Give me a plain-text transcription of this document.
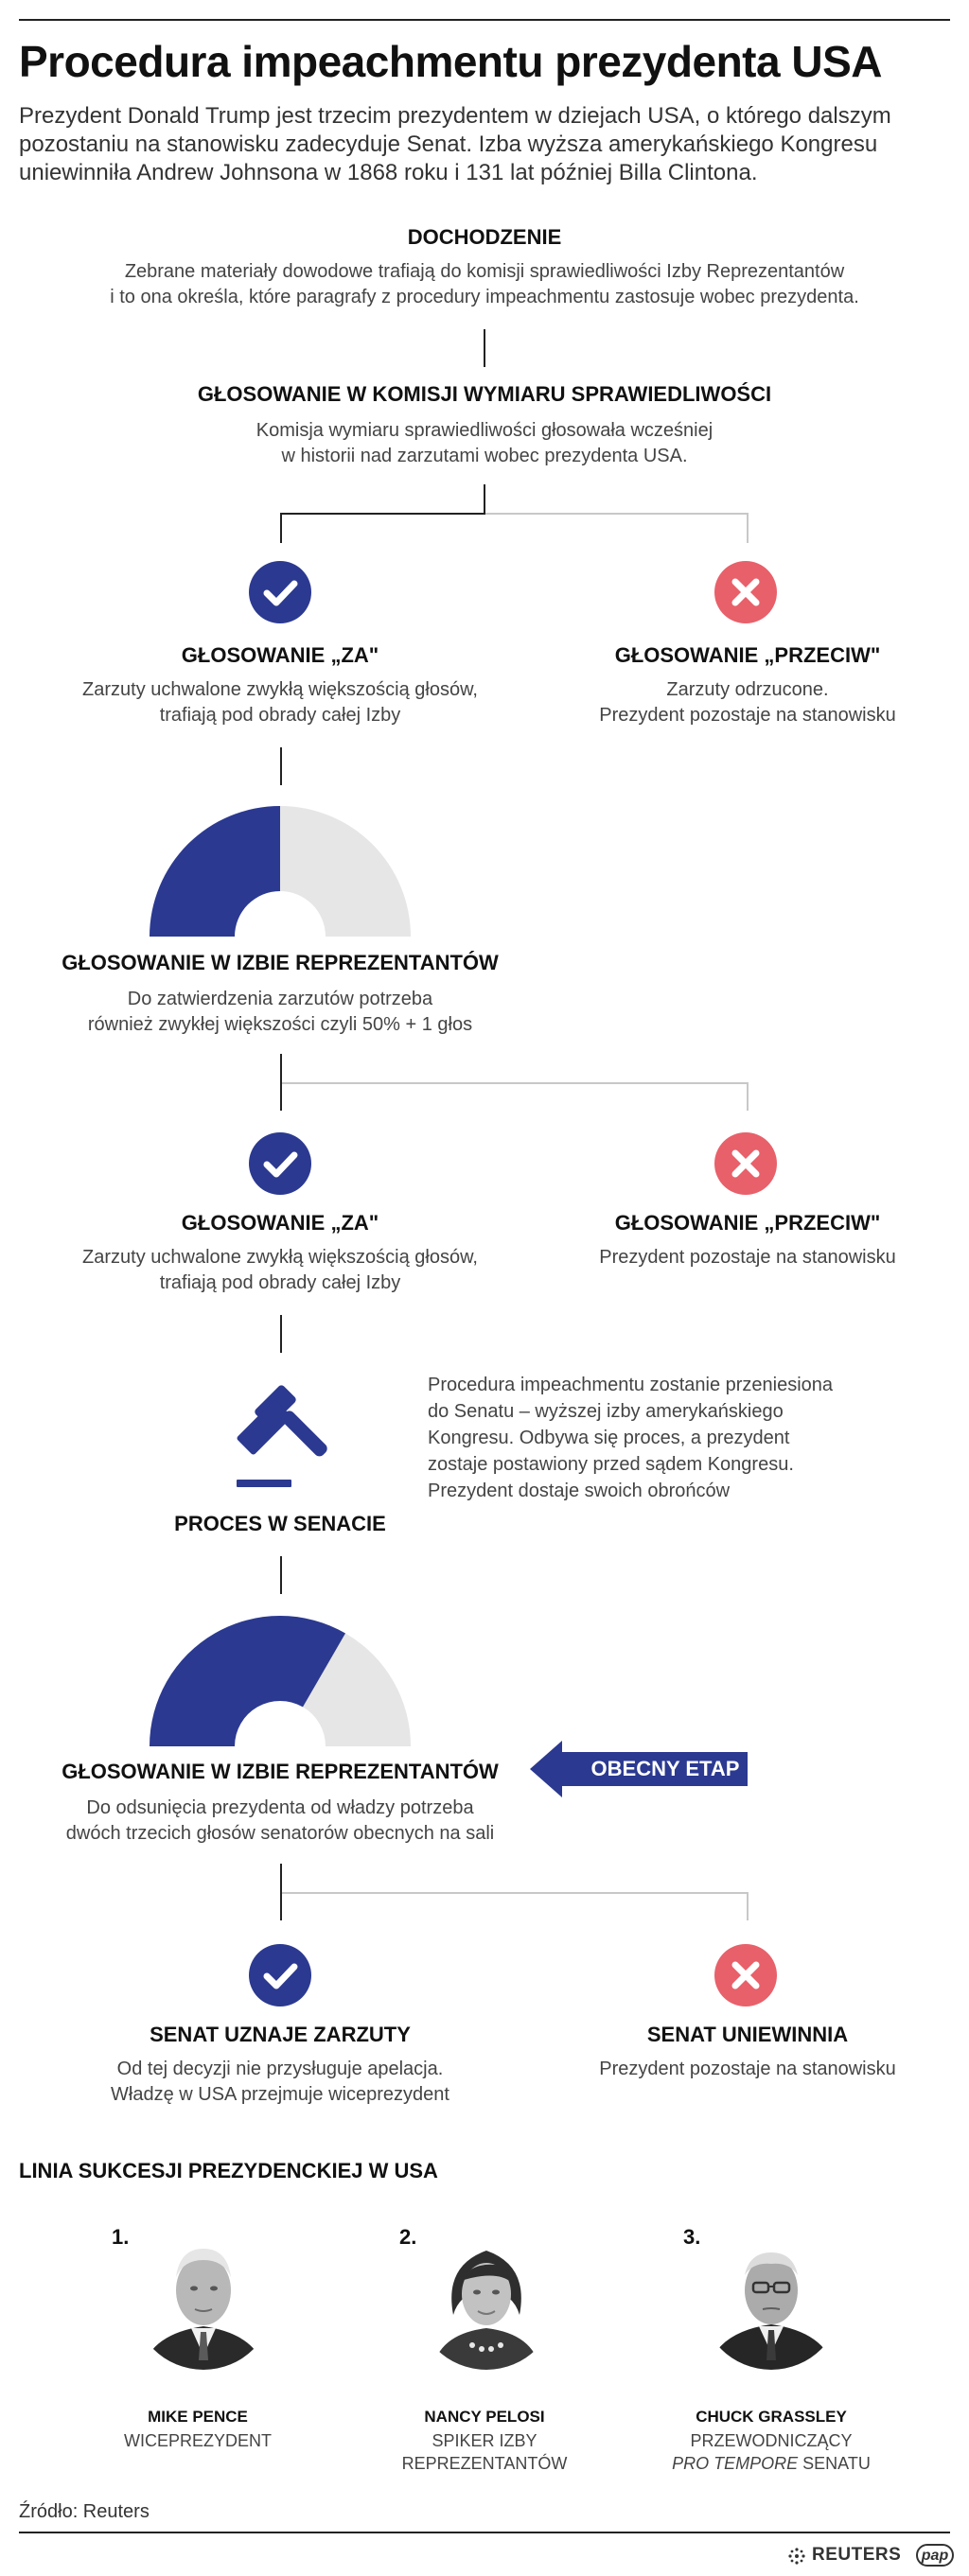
Procedura impeachmentu prezydenta USA
Prezydent Donald Trump jest trzecim prezydentem w dziejach USA, o którego dalszym pozostaniu na stanowisku zadecyduje Senat. Izba wyższa amerykańskiego Kongresu uniewinniła Andrew Johnsona w 1868 roku i 131 lat później Billa Clintona.
DOCHODZENIE
Zebrane materiały dowodowe trafiają do komisji sprawiedliwości Izby Reprezentantów
i to ona określa, które paragrafy z procedury impeachmentu zastosuje wobec prezydenta.
GŁOSOWANIE W KOMISJI WYMIARU SPRAWIEDLIWOŚCI
Komisja wymiaru sprawiedliwości głosowała wcześniej
w historii nad zarzutami wobec prezydenta USA.
GŁOSOWANIE „ZA"
Zarzuty uchwalone zwykłą większością głosów,
trafiają pod obrady całej Izby
GŁOSOWANIE „PRZECIW"
Zarzuty odrzucone.
Prezydent pozostaje na stanowisku
GŁOSOWANIE W IZBIE REPREZENTANTÓW
Do zatwierdzenia zarzutów potrzeba
również zwykłej większości czyli 50% + 1 głos
GŁOSOWANIE „ZA"
Zarzuty uchwalone zwykłą większością głosów,
trafiają pod obrady całej Izby
GŁOSOWANIE „PRZECIW"
Prezydent pozostaje na stanowisku
Procedura impeachmentu zostanie przeniesiona do Senatu – wyższej izby amerykańskiego Kongresu. Odbywa się proces, a prezydent zostaje postawiony przed sądem Kongresu. Prezydent dostaje swoich obrońców
PROCES W SENACIE
GŁOSOWANIE W IZBIE REPREZENTANTÓW
Do odsunięcia prezydenta od władzy potrzeba
dwóch trzecich głosów senatorów obecnych na sali
OBECNY ETAP
SENAT UZNAJE ZARZUTY
Od tej decyzji nie przysługuje apelacja.
Władzę w USA przejmuje wiceprezydent
SENAT UNIEWINNIA
Prezydent pozostaje na stanowisku
LINIA SUKCESJI PREZYDENCKIEJ W USA
1.
MIKE PENCE
WICEPREZYDENT
2.
NANCY PELOSI
SPIKER IZBY
REPREZENTANTÓW
3.
CHUCK GRASSLEY
PRZEWODNICZĄCY
PRO TEMPORE SENATU
Źródło: Reuters
REUTERS	pap
